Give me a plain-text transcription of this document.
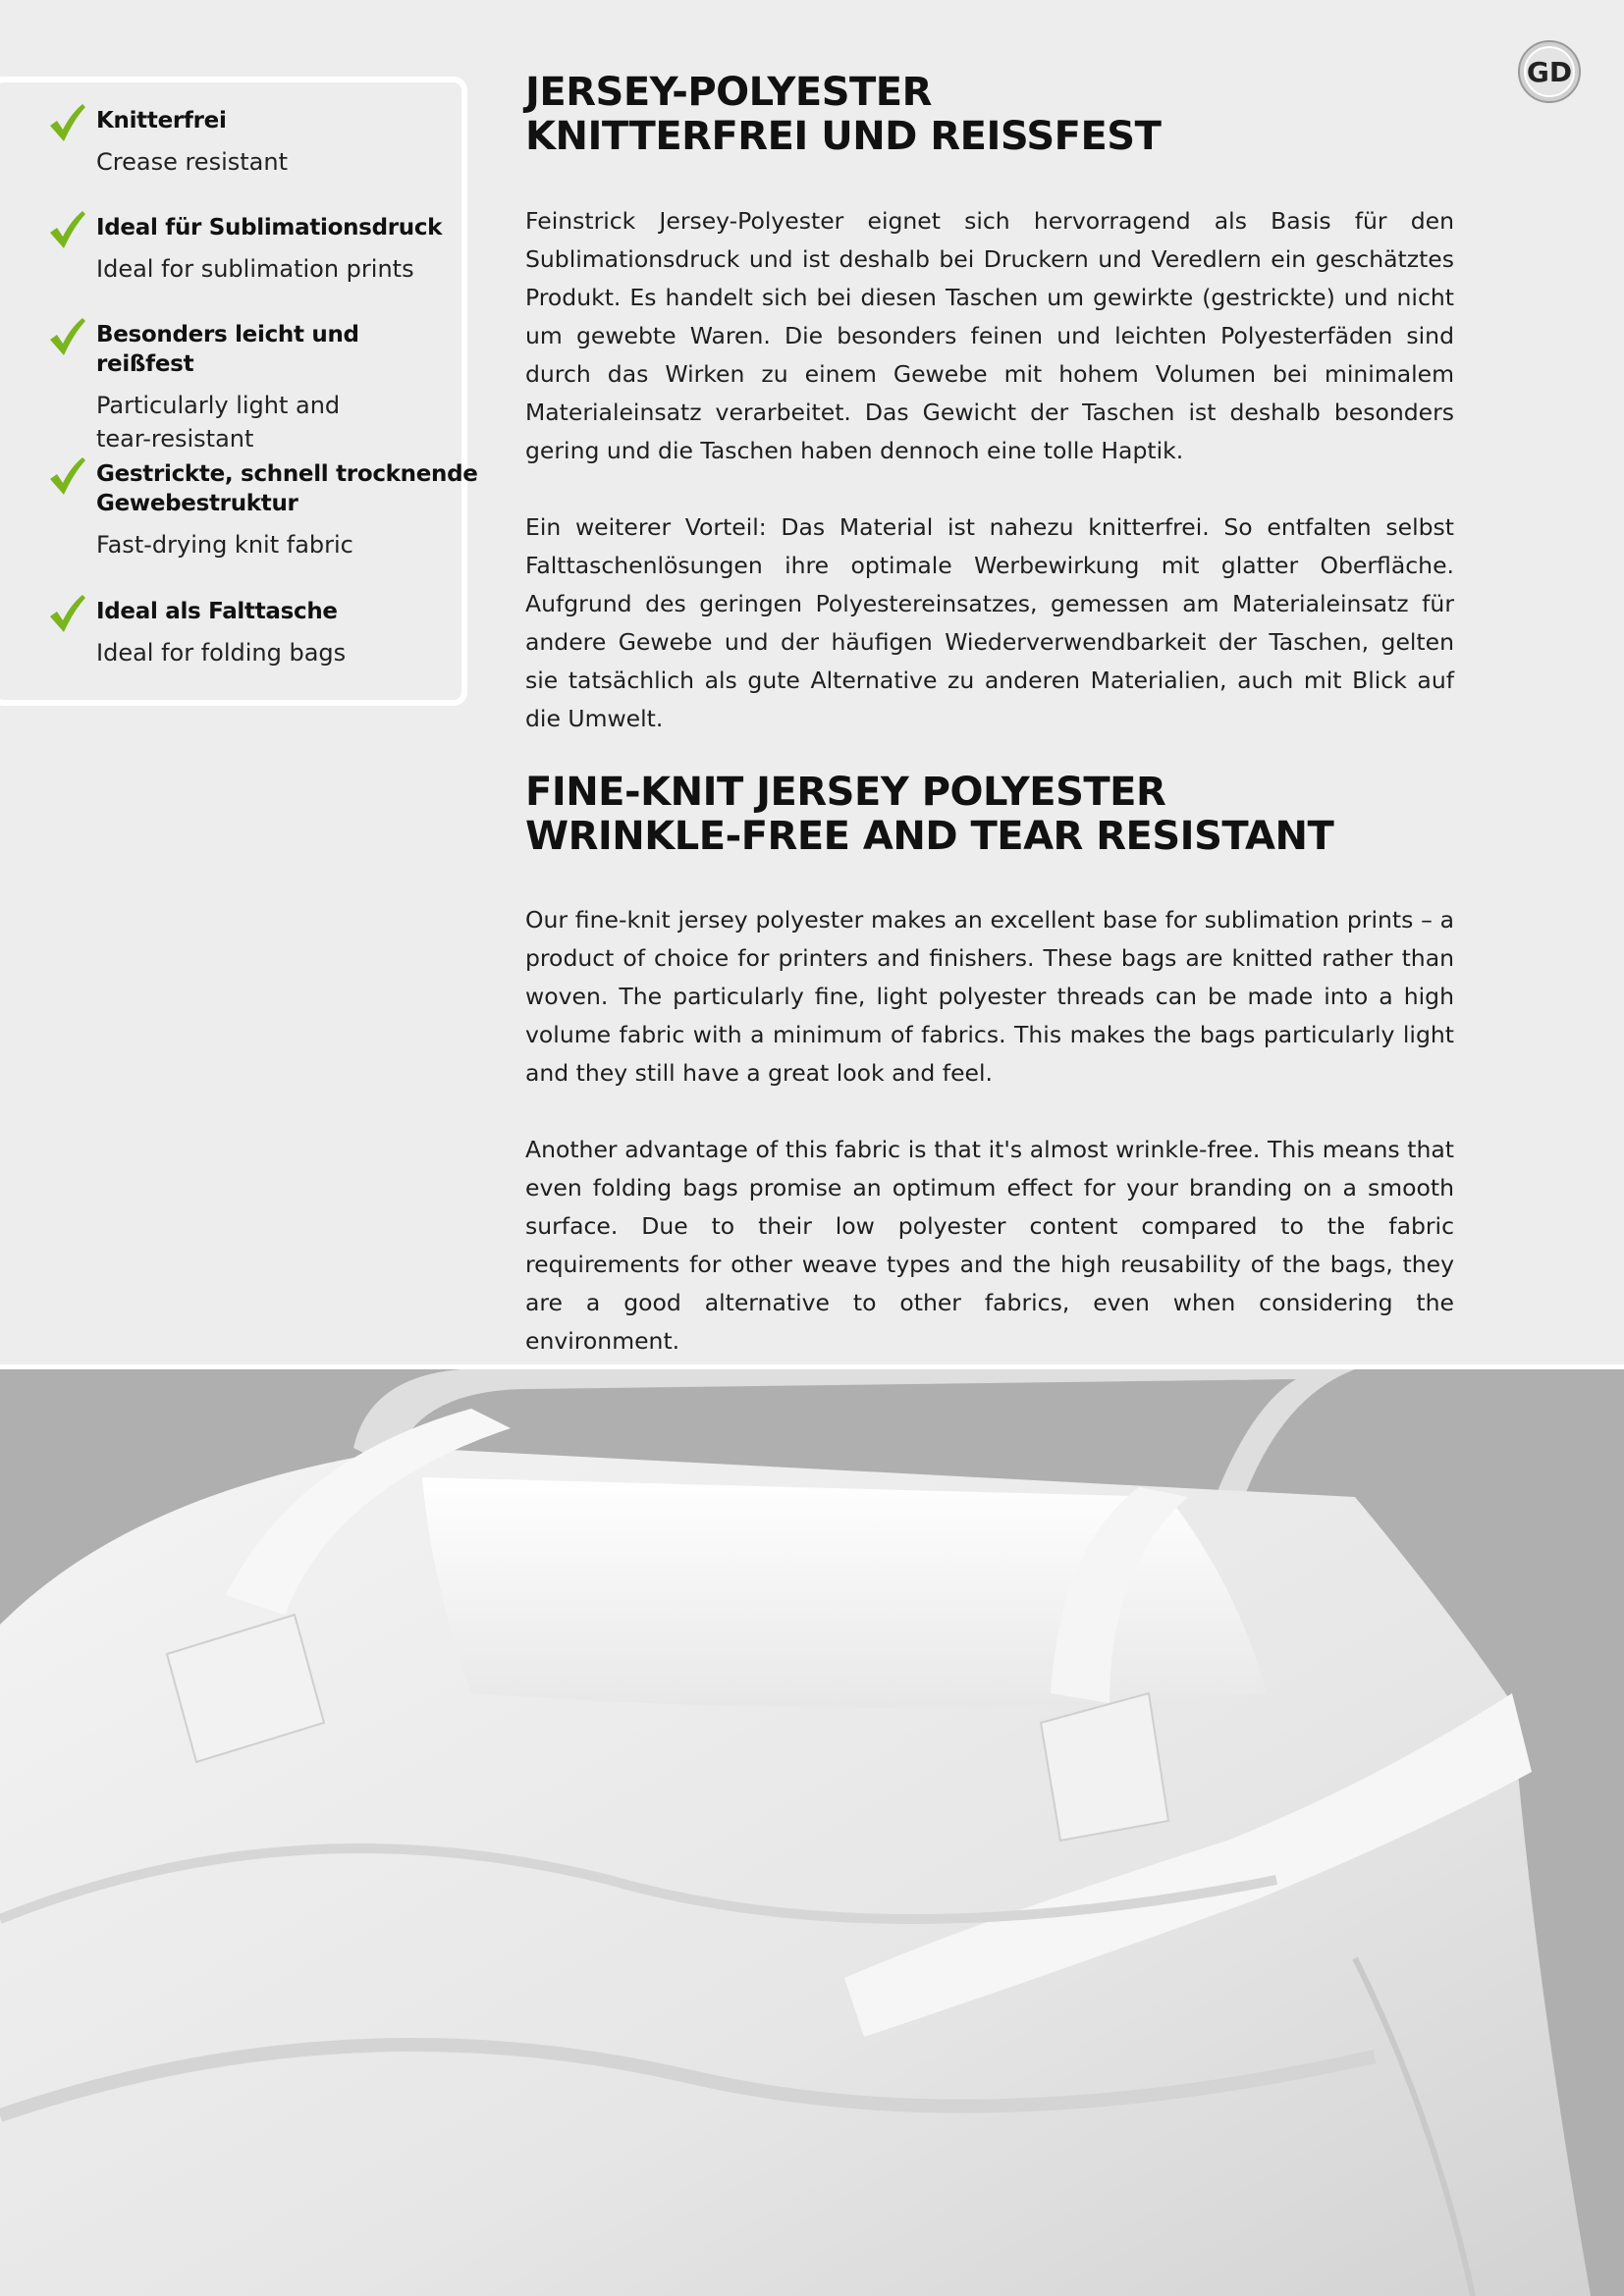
Knitterfrei
Crease resistant
Ideal für Sublimationsdruck
Ideal for sublimation prints
Besonders leicht und reißfest
Particularly light and tear-resistant
Gestrickte, schnell trocknende Gewebestruktur
Fast-drying knit fabric
Ideal als Falttasche
Ideal for folding bags
GD
JERSEY-POLYESTER
KNITTERFREI UND REISSFEST

Feinstrick Jersey-Polyester eignet sich hervorragend als Basis für den Sublimationsdruck und ist deshalb bei Druckern und Veredlern ein geschätztes Produkt. Es handelt sich bei diesen Taschen um gewirkte (gestrickte) und nicht um gewebte Waren. Die besonders feinen und leichten Polyesterfäden sind durch das Wirken zu einem Gewebe mit hohem Volumen bei minimalem Materialeinsatz verarbeitet. Das Gewicht der Taschen ist deshalb besonders gering und die Taschen haben dennoch eine tolle Haptik.

Ein weiterer Vorteil: Das Material ist nahezu knitterfrei. So entfalten selbst Falttaschenlösungen ihre optimale Werbewirkung mit glatter Oberfläche. Aufgrund des geringen Polyestereinsatzes, gemessen am Materialeinsatz für andere Gewebe und der häufigen Wiederverwendbarkeit der Taschen, gelten sie tatsächlich als gute Alternative zu anderen Materialien, auch mit Blick auf die Umwelt.

FINE-KNIT JERSEY POLYESTER
WRINKLE-FREE AND TEAR RESISTANT

Our fine-knit jersey polyester makes an excellent base for sublimation prints – a product of choice for printers and finishers. These bags are knitted rather than woven. The particularly fine, light polyester threads can be made into a high volume fabric with a minimum of fabrics. This makes the bags particularly light and they still have a great look and feel.

Another advantage of this fabric is that it's almost wrinkle-free. This means that even folding bags promise an optimum effect for your branding on a smooth surface. Due to their low polyester content compared to the fabric requirements for other weave types and the high reusability of the bags, they are a good alternative to other fabrics, even when considering the environment.
